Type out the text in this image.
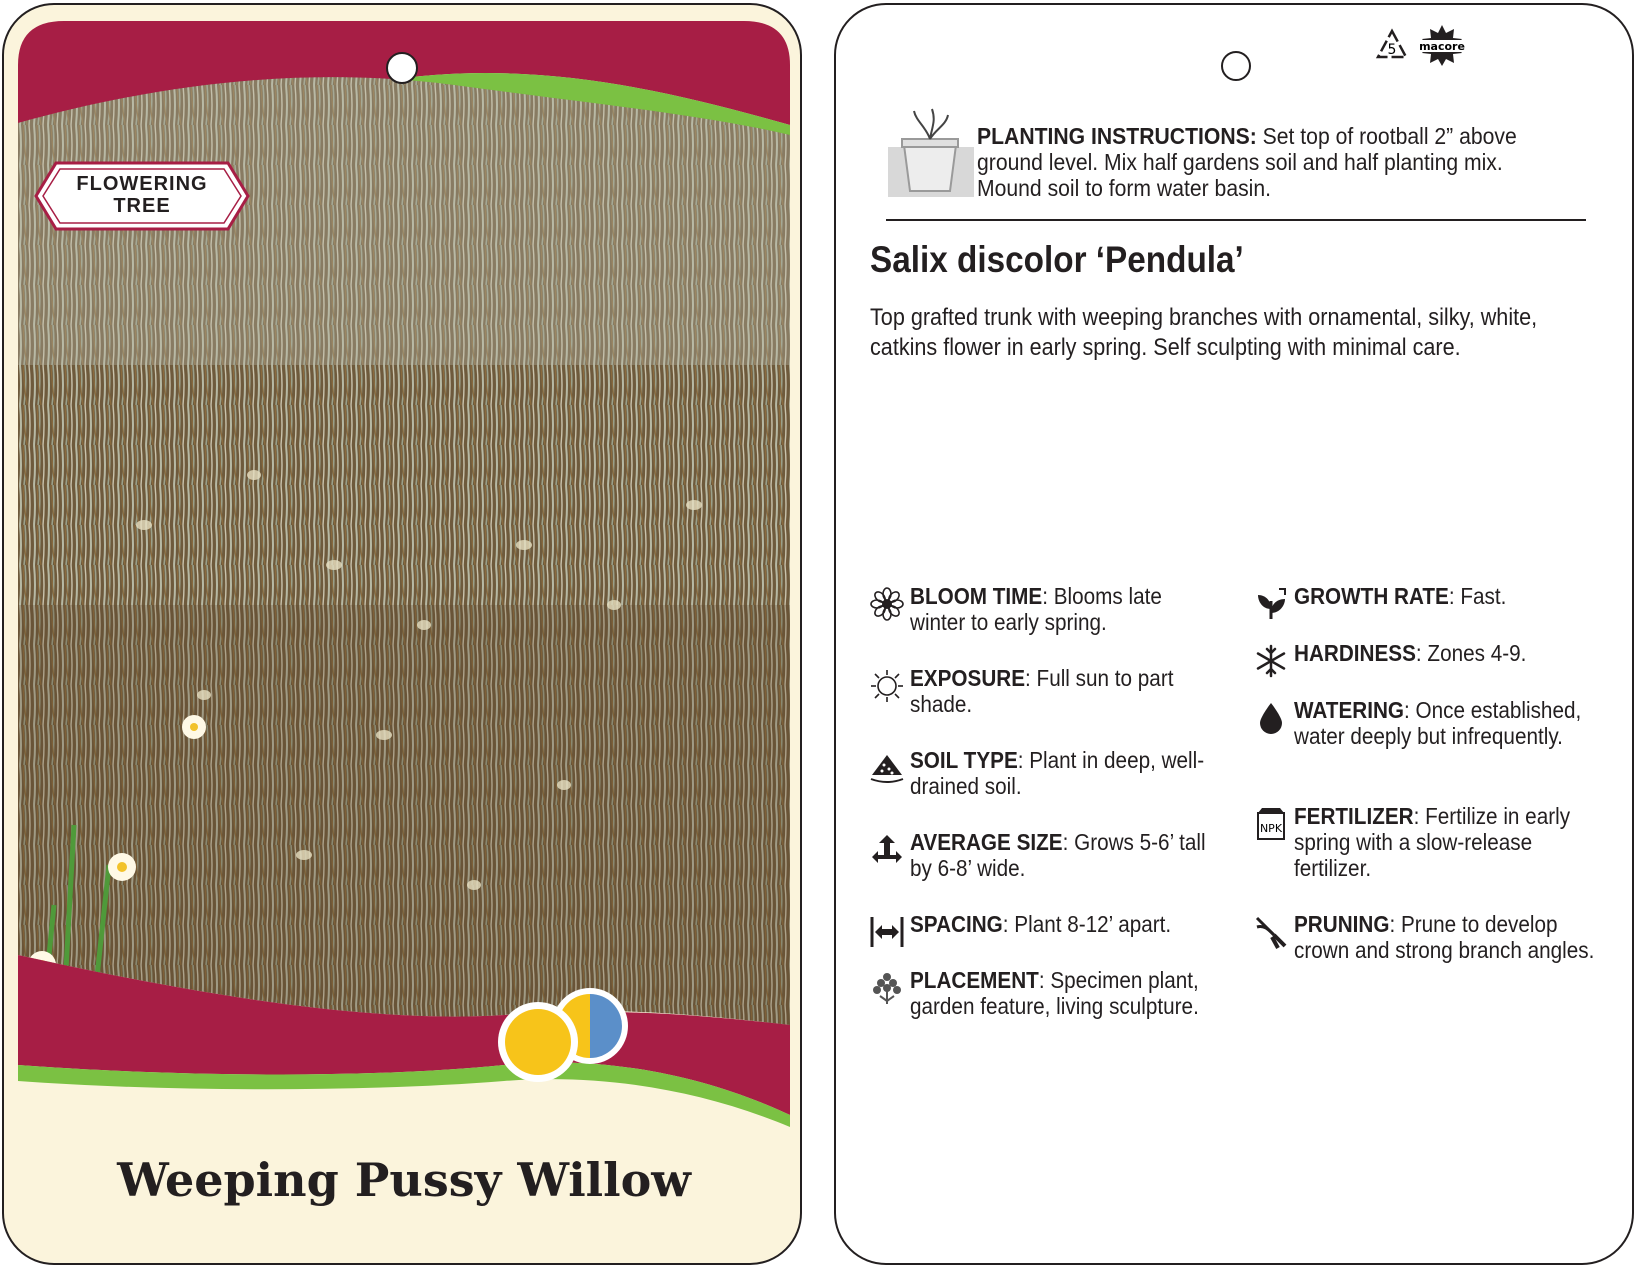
FLOWERING
TREE
Weeping Pussy Willow
5 macore
PLANTING INSTRUCTIONS: Set top of rootball 2” above ground level. Mix half gardens soil and half planting mix. Mound soil to form water basin.
Salix discolor ‘Pendula’
Top grafted trunk with weeping branches with ornamental, silky, white, catkins flower in early spring. Self sculpting with minimal care.
BLOOM TIME: Blooms late winter to early spring.
EXPOSURE: Full sun to part shade.
SOIL TYPE: Plant in deep, well-drained soil.
AVERAGE SIZE: Grows 5-6’ tall by 6-8’ wide.
SPACING: Plant 8-12’ apart.
PLACEMENT: Specimen plant, garden feature, living sculpture.
GROWTH RATE: Fast.
HARDINESS: Zones 4-9.
WATERING: Once established, water deeply but infrequently.
NPK FERTILIZER: Fertilize in early spring with a slow-release fertilizer.
PRUNING: Prune to develop crown and strong branch angles.
